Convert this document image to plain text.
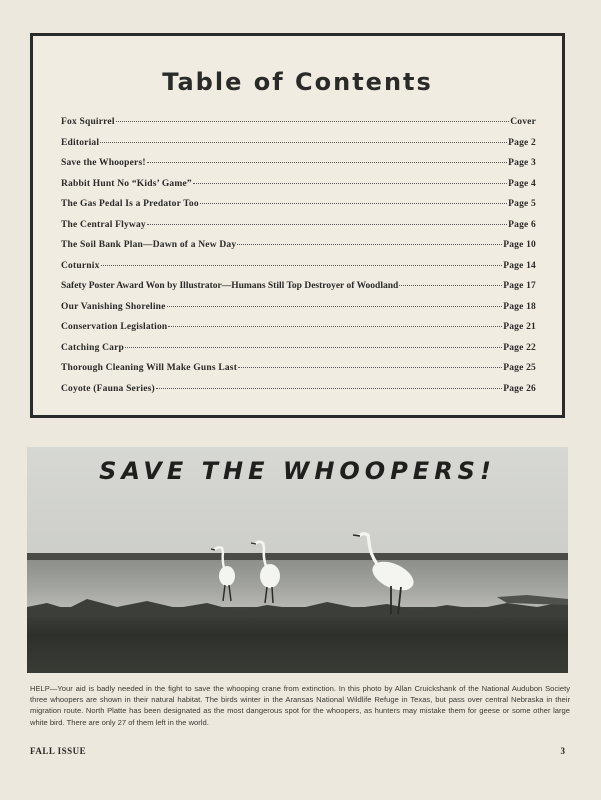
Table of Contents
Fox Squirrel	Cover
Editorial	Page 2
Save the Whoopers!	Page 3
Rabbit Hunt No “Kids’ Game”	Page 4
The Gas Pedal Is a Predator Too	Page 5
The Central Flyway	Page 6
The Soil Bank Plan—Dawn of a New Day	Page 10
Coturnix	Page 14
Safety Poster Award Won by Illustrator—Humans Still Top Destroyer of Woodland	Page 17
Our Vanishing Shoreline	Page 18
Conservation Legislation	Page 21
Catching Carp	Page 22
Thorough Cleaning Will Make Guns Last	Page 25
Coyote (Fauna Series)	Page 26
SAVE THE WHOOPERS!

HELP—Your aid is badly needed in the fight to save the whooping crane from extinction. In this photo by Allan Cruickshank of the National Audubon Society three whoopers are shown in their natural habitat. The birds winter in the Aransas National Wildlife Refuge in Texas, but pass over central Nebraska in their migration route. North Platte has been designated as the most dangerous spot for the whoopers, as hunters may mistake them for geese or some other large white bird. There are only 27 of them left in the world.

FALL ISSUE	3
